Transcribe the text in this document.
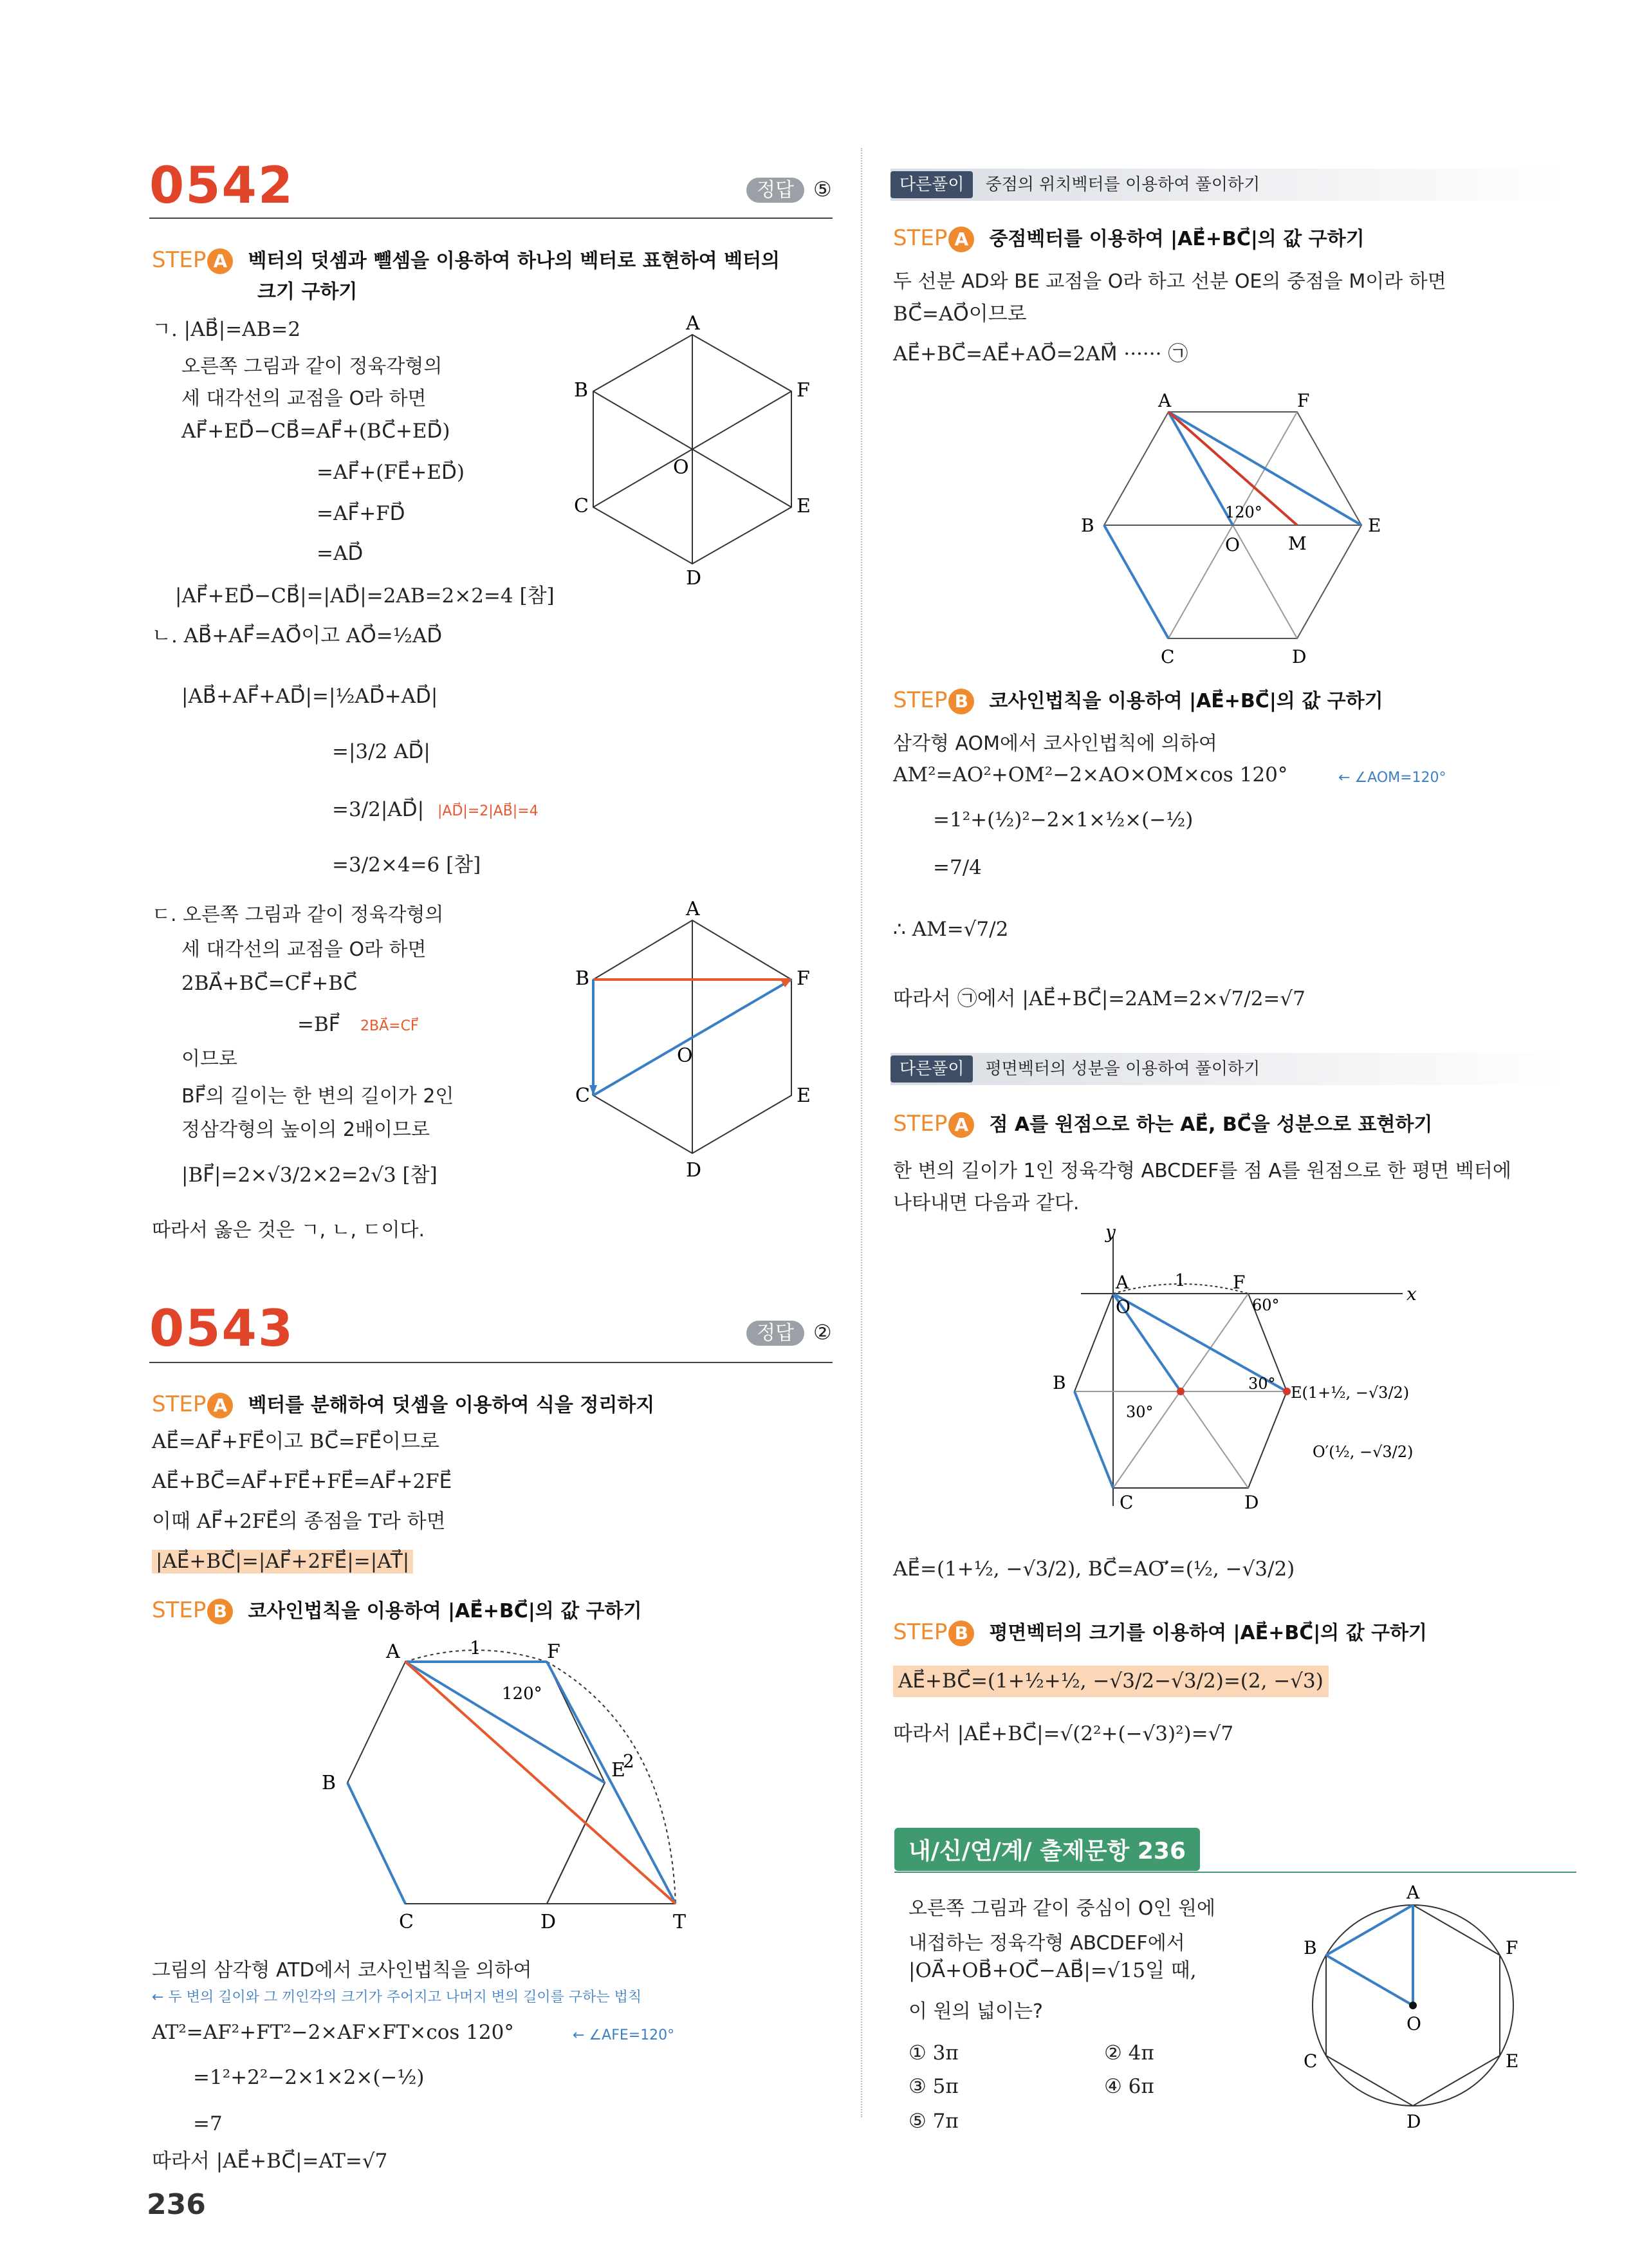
0542	정답 ⑤
STEP A 벡터의 덧셈과 뺄셈을 이용하여 하나의 벡터로 표현하여 벡터의
크기 구하기
ㄱ. |AB⃗|=AB=2
오른쪽 그림과 같이 정육각형의
세 대각선의 교점을 O라 하면
AF⃗+ED⃗−CB⃗=AF⃗+(BC⃗+ED⃗)
=AF⃗+(FE⃗+ED⃗)
=AF⃗+FD⃗
=AD⃗
|AF⃗+ED⃗−CB⃗|=|AD⃗|=2AB=2×2=4 [참]
ㄴ. AB⃗+AF⃗=AO⃗이고 AO⃗=½AD⃗
|AB⃗+AF⃗+AD⃗|=|½AD⃗+AD⃗|
=|3/2 AD⃗|
=3/2|AD⃗| |AD⃗|=2|AB⃗|=4
=3/2×4=6 [참]
ㄷ. 오른쪽 그림과 같이 정육각형의
세 대각선의 교점을 O라 하면
2BA⃗+BC⃗=CF⃗+BC⃗
=BF⃗ 2BA⃗=CF⃗
이므로
BF⃗의 길이는 한 변의 길이가 2인
정삼각형의 높이의 2배이므로
|BF⃗|=2×√3/2×2=2√3 [참]
따라서 옳은 것은 ㄱ, ㄴ, ㄷ이다.
A
B
C
D
E
F
O
A
B
C
D
E
F
O
0543	정답 ②
STEP A 벡터를 분해하여 덧셈을 이용하여 식을 정리하지
AE⃗=AF⃗+FE⃗이고 BC⃗=FE⃗이므로
AE⃗+BC⃗=AF⃗+FE⃗+FE⃗=AF⃗+2FE⃗
이때 AF⃗+2FE⃗의 종점을 T라 하면
|AE⃗+BC⃗|=|AF⃗+2FE⃗|=|AT⃗|
STEP B 코사인법칙을 이용하여 |AE⃗+BC⃗|의 값 구하기
A	F
B
E
C	D	T
1
2
120°
그림의 삼각형 ATD에서 코사인법칙을 의하여
← 두 변의 길이와 그 끼인각의 크기가 주어지고 나머지 변의 길이를 구하는 법칙
AT²=AF²+FT²−2×AF×FT×cos 120°	← ∠AFE=120°
=1²+2²−2×1×2×(−½)
=7
따라서 |AE⃗+BC⃗|=AT=√7
236
다른풀이 중점의 위치벡터를 이용하여 풀이하기
STEP A 중점벡터를 이용하여 |AE⃗+BC⃗|의 값 구하기
두 선분 AD와 BE 교점을 O라 하고 선분 OE의 중점을 M이라 하면
BC⃗=AO⃗이므로
AE⃗+BC⃗=AE⃗+AO⃗=2AM⃗ ······ ㉠
A	F
B	E
C	D
O	M
120°
STEP B 코사인법칙을 이용하여 |AE⃗+BC⃗|의 값 구하기
삼각형 AOM에서 코사인법칙에 의하여
AM²=AO²+OM²−2×AO×OM×cos 120°	← ∠AOM=120°
=1²+(½)²−2×1×½×(−½)
=7/4
∴ AM=√7/2
따라서 ㉠에서 |AE⃗+BC⃗|=2AM=2×√7/2=√7
다른풀이 평면벡터의 성분을 이용하여 풀이하기
STEP A 점 A를 원점으로 하는 AE⃗, BC⃗을 성분으로 표현하기
한 변의 길이가 1인 정육각형 ABCDEF를 점 A를 원점으로 한 평면 벡터에
나타내면 다음과 같다.
A
O
F
B
C	D
E(1+½, −√3/2)
O′(½, −√3/2)
x
y
1
60°
30°
30°
AE⃗=(1+½, −√3/2), BC⃗=AO′⃗=(½, −√3/2)
STEP B 평면벡터의 크기를 이용하여 |AE⃗+BC⃗|의 값 구하기
AE⃗+BC⃗=(1+½+½, −√3/2−√3/2)=(2, −√3)
따라서 |AE⃗+BC⃗|=√(2²+(−√3)²)=√7
내/신/연/계/ 출제문항 236
오른쪽 그림과 같이 중심이 O인 원에
내접하는 정육각형 ABCDEF에서
|OA⃗+OB⃗+OC⃗−AB⃗|=√15일 때,
이 원의 넓이는?
① 3π	② 4π
③ 5π	④ 6π
⑤ 7π
A
B
C
D
E
F
O
